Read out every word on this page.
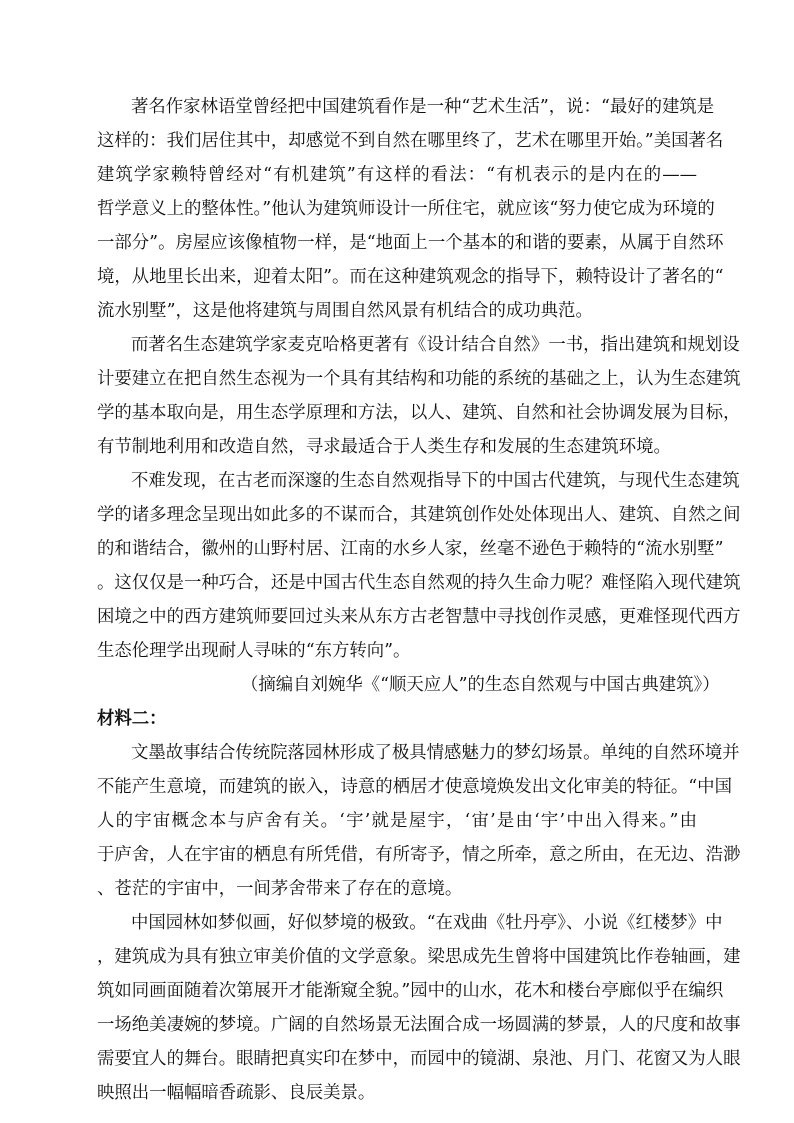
著名作家林语堂曾经把中国建筑看作是一种“艺术生活”，说：“最好的建筑是
这样的：我们居住其中，却感觉不到自然在哪里终了，艺术在哪里开始。”美国著名
建筑学家赖特曾经对“有机建筑”有这样的看法：“有机表示的是内在的——
哲学意义上的整体性。”他认为建筑师设计一所住宅，就应该“努力使它成为环境的
一部分”。房屋应该像植物一样，是“地面上一个基本的和谐的要素，从属于自然环
境，从地里长出来，迎着太阳”。而在这种建筑观念的指导下，赖特设计了著名的“
流水别墅”，这是他将建筑与周围自然风景有机结合的成功典范。
而著名生态建筑学家麦克哈格更著有《设计结合自然》一书，指出建筑和规划设
计要建立在把自然生态视为一个具有其结构和功能的系统的基础之上，认为生态建筑
学的基本取向是，用生态学原理和方法，以人、建筑、自然和社会协调发展为目标，
有节制地利用和改造自然，寻求最适合于人类生存和发展的生态建筑环境。
不难发现，在古老而深邃的生态自然观指导下的中国古代建筑，与现代生态建筑
学的诸多理念呈现出如此多的不谋而合，其建筑创作处处体现出人、建筑、自然之间
的和谐结合，徽州的山野村居、江南的水乡人家，丝毫不逊色于赖特的“流水别墅”
。这仅仅是一种巧合，还是中国古代生态自然观的持久生命力呢？难怪陷入现代建筑
困境之中的西方建筑师要回过头来从东方古老智慧中寻找创作灵感，更难怪现代西方
生态伦理学出现耐人寻味的“东方转向”。
（摘编自刘婉华《“顺天应人”的生态自然观与中国古典建筑》）
材料二：
文墨故事结合传统院落园林形成了极具情感魅力的梦幻场景。单纯的自然环境并
不能产生意境，而建筑的嵌入，诗意的栖居才使意境焕发出文化审美的特征。“中国
人的宇宙概念本与庐舍有关。‘宇’就是屋宇，‘宙’是由‘宇’中出入得来。”由
于庐舍，人在宇宙的栖息有所凭借，有所寄予，情之所牵，意之所由，在无边、浩渺
、苍茫的宇宙中，一间茅舍带来了存在的意境。
中国园林如梦似画，好似梦境的极致。“在戏曲《牡丹亭》、小说《红楼梦》中
，建筑成为具有独立审美价值的文学意象。梁思成先生曾将中国建筑比作卷轴画，建
筑如同画面随着次第展开才能渐窥全貌。”园中的山水，花木和楼台亭廊似乎在编织
一场绝美凄婉的梦境。广阔的自然场景无法囿合成一场圆满的梦景，人的尺度和故事
需要宜人的舞台。眼睛把真实印在梦中，而园中的镜湖、泉池、月门、花窗又为人眼
映照出一幅幅暗香疏影、良辰美景。
